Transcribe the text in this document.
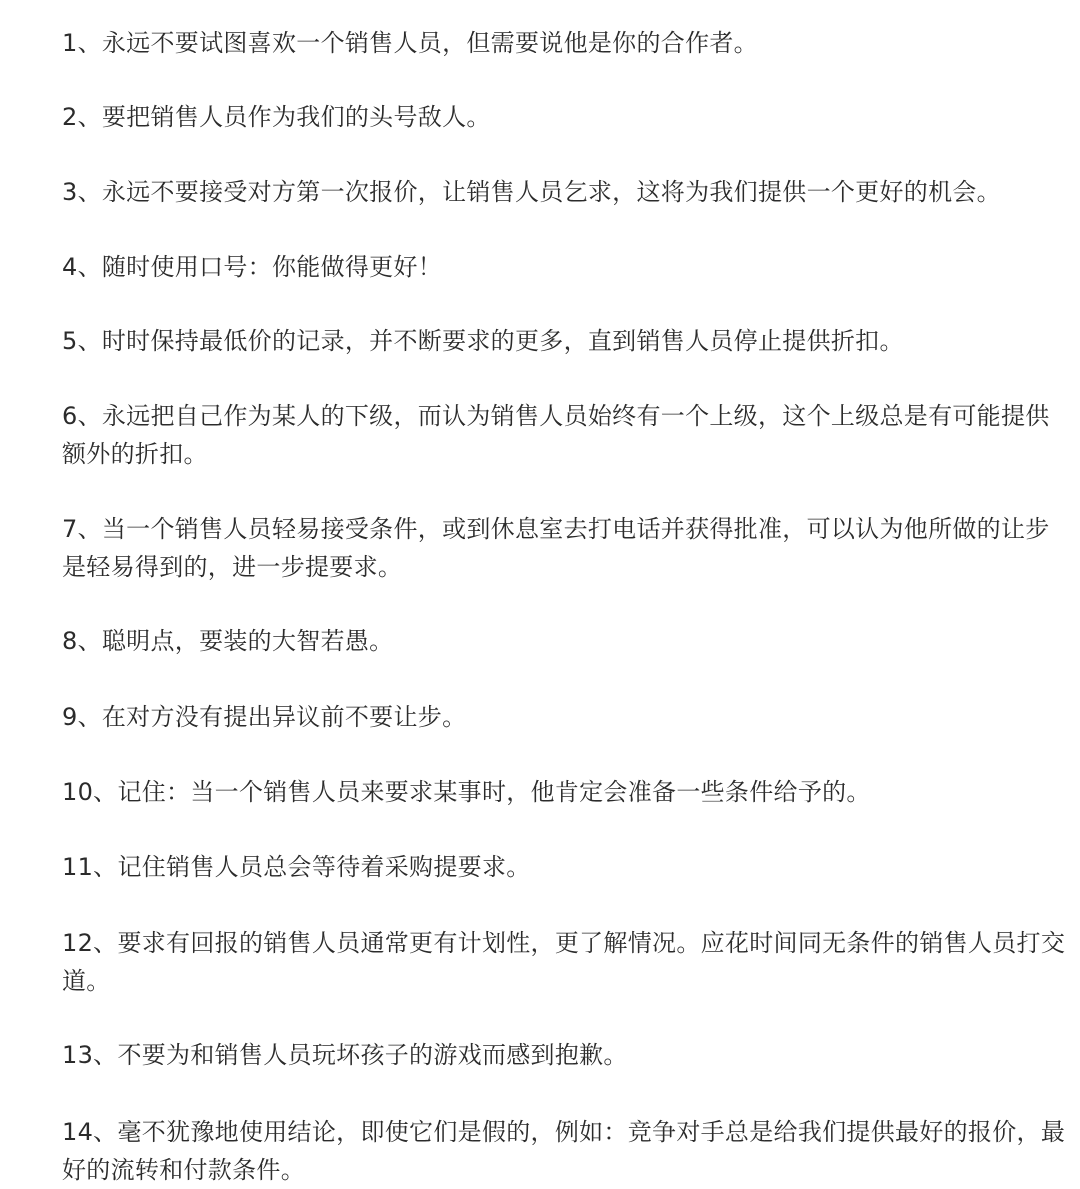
1、永远不要试图喜欢一个销售人员，但需要说他是你的合作者。
2、要把销售人员作为我们的头号敌人。
3、永远不要接受对方第一次报价，让销售人员乞求，这将为我们提供一个更好的机会。
4、随时使用口号：你能做得更好！
5、时时保持最低价的记录，并不断要求的更多，直到销售人员停止提供折扣。
6、永远把自己作为某人的下级，而认为销售人员始终有一个上级，这个上级总是有可能提供额外的折扣。
7、当一个销售人员轻易接受条件，或到休息室去打电话并获得批准，可以认为他所做的让步是轻易得到的，进一步提要求。
8、聪明点，要装的大智若愚。
9、在对方没有提出异议前不要让步。
10、记住：当一个销售人员来要求某事时，他肯定会准备一些条件给予的。
11、记住销售人员总会等待着采购提要求。
12、要求有回报的销售人员通常更有计划性，更了解情况。应花时间同无条件的销售人员打交道。
13、不要为和销售人员玩坏孩子的游戏而感到抱歉。
14、毫不犹豫地使用结论，即使它们是假的，例如：竞争对手总是给我们提供最好的报价，最好的流转和付款条件。
